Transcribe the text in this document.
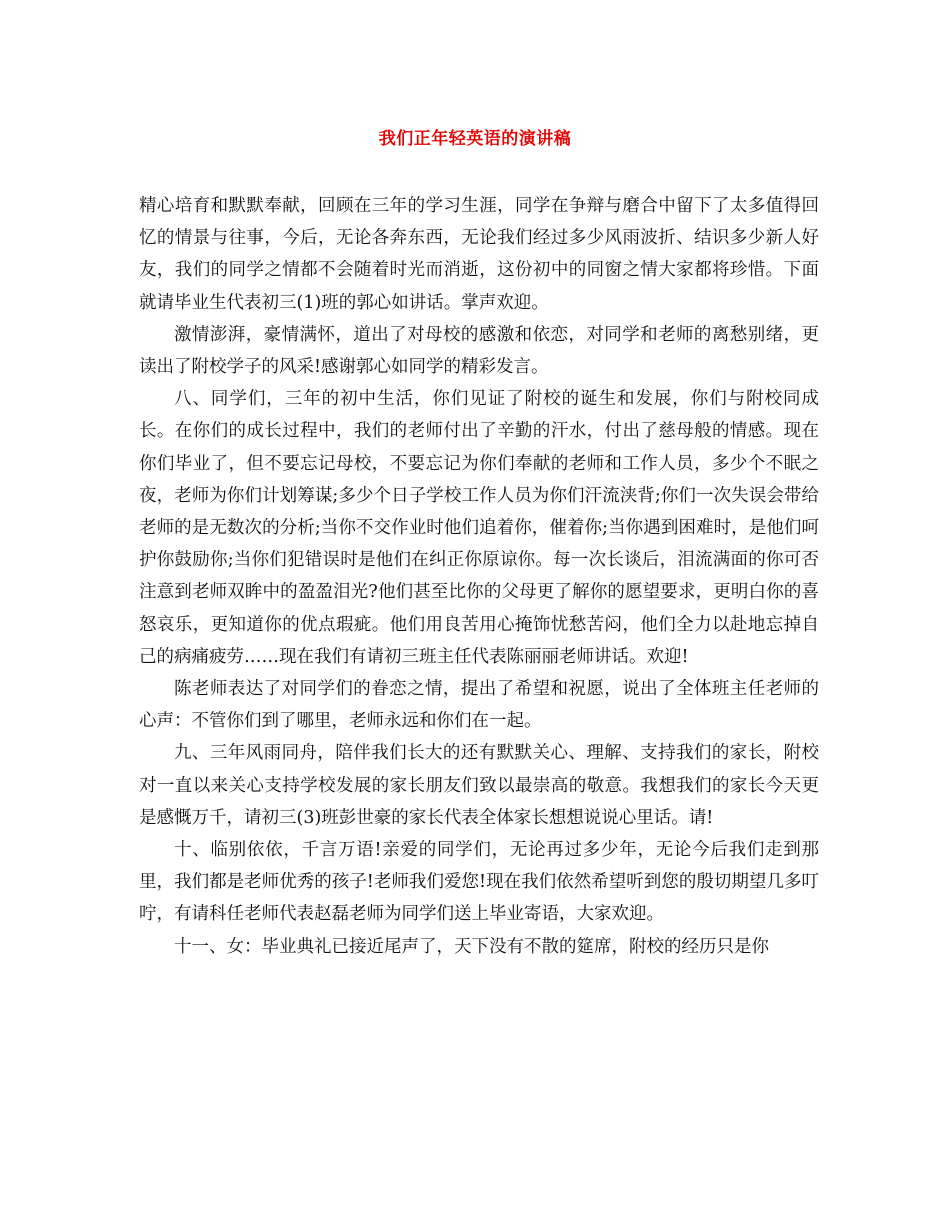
我们正年轻英语的演讲稿

精心培育和默默奉献，回顾在三年的学习生涯，同学在争辩与磨合中留下了太多值得回忆的情景与往事，今后，无论各奔东西，无论我们经过多少风雨波折、结识多少新人好友，我们的同学之情都不会随着时光而消逝，这份初中的同窗之情大家都将珍惜。下面就请毕业生代表初三(1)班的郭心如讲话。掌声欢迎。

激情澎湃，豪情满怀，道出了对母校的感激和依恋，对同学和老师的离愁别绪，更读出了附校学子的风采!感谢郭心如同学的精彩发言。

八、同学们，三年的初中生活，你们见证了附校的诞生和发展，你们与附校同成长。在你们的成长过程中，我们的老师付出了辛勤的汗水，付出了慈母般的情感。现在你们毕业了，但不要忘记母校，不要忘记为你们奉献的老师和工作人员，多少个不眠之夜，老师为你们计划筹谋;多少个日子学校工作人员为你们汗流浃背;你们一次失误会带给老师的是无数次的分析;当你不交作业时他们追着你，催着你;当你遇到困难时，是他们呵护你鼓励你;当你们犯错误时是他们在纠正你原谅你。每一次长谈后，泪流满面的你可否注意到老师双眸中的盈盈泪光?他们甚至比你的父母更了解你的愿望要求，更明白你的喜怒哀乐，更知道你的优点瑕疵。他们用良苦用心掩饰忧愁苦闷，他们全力以赴地忘掉自己的病痛疲劳……现在我们有请初三班主任代表陈丽丽老师讲话。欢迎!

陈老师表达了对同学们的眷恋之情，提出了希望和祝愿，说出了全体班主任老师的心声：不管你们到了哪里，老师永远和你们在一起。

九、三年风雨同舟，陪伴我们长大的还有默默关心、理解、支持我们的家长，附校对一直以来关心支持学校发展的家长朋友们致以最崇高的敬意。我想我们的家长今天更是感慨万千，请初三(3)班彭世豪的家长代表全体家长想想说说心里话。请!

十、临别依依，千言万语!亲爱的同学们，无论再过多少年，无论今后我们走到那里，我们都是老师优秀的孩子!老师我们爱您!现在我们依然希望听到您的殷切期望几多叮咛，有请科任老师代表赵磊老师为同学们送上毕业寄语，大家欢迎。

十一、女：毕业典礼已接近尾声了，天下没有不散的筵席，附校的经历只是你
